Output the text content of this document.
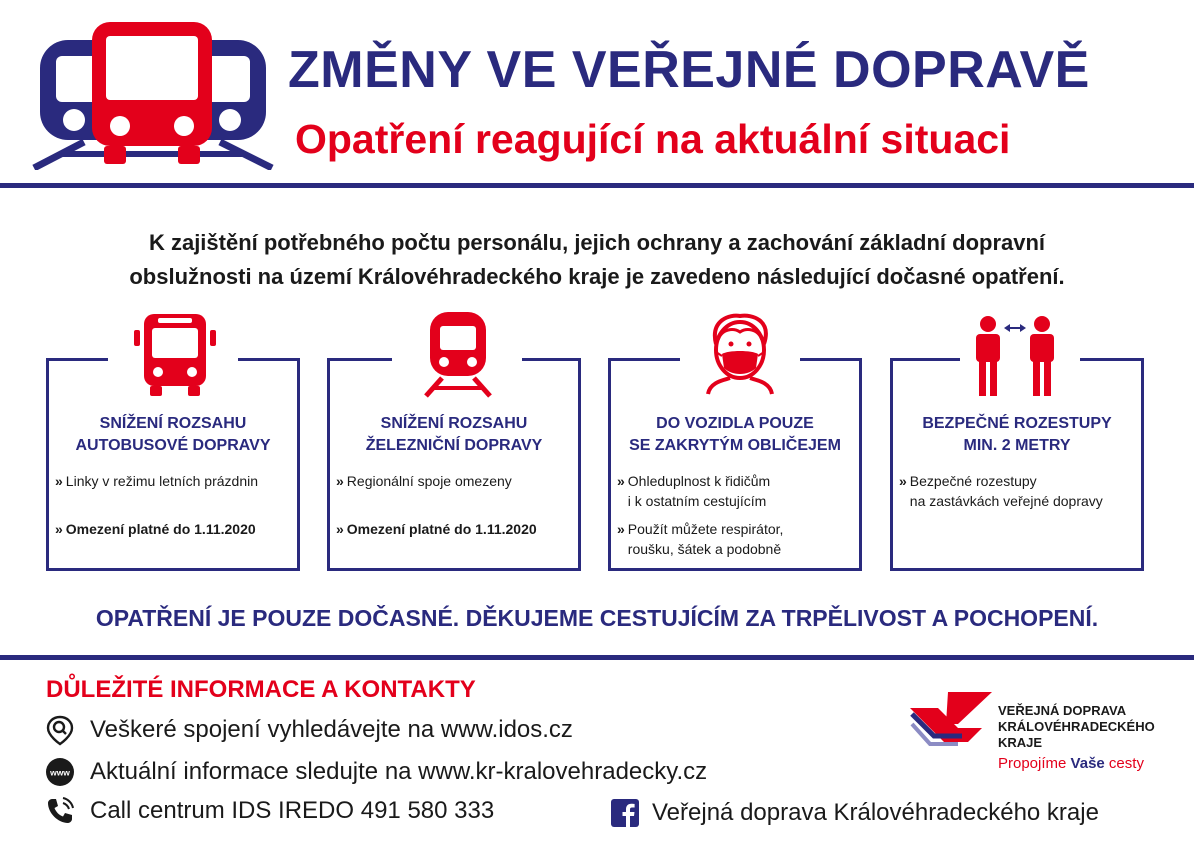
ZMĚNY VE VEŘEJNÉ DOPRAVĚ
Opatření reagující na aktuální situaci
K zajištění potřebného počtu personálu, jejich ochrany a zachování základní dopravní
obslužnosti na území Královéhradeckého kraje je zavedeno následující dočasné opatření.
SNÍŽENÍ ROZSAHU
AUTOBUSOVÉ DOPRAVY
» Linky v režimu letních prázdnin
» Omezení platné do 1.11.2020
SNÍŽENÍ ROZSAHU
ŽELEZNIČNÍ DOPRAVY
» Regionální spoje omezeny
» Omezení platné do 1.11.2020
DO VOZIDLA POUZE
SE ZAKRYTÝM OBLIČEJEM
» Ohleduplnost k řidičům
i k ostatním cestujícím
» Použít můžete respirátor,
roušku, šátek a podobně
BEZPEČNÉ ROZESTUPY
MIN. 2 METRY
» Bezpečné rozestupy
na zastávkách veřejné dopravy
OPATŘENÍ JE POUZE DOČASNÉ. DĚKUJEME CESTUJÍCÍM ZA TRPĚLIVOST A POCHOPENÍ.
DŮLEŽITÉ INFORMACE A KONTAKTY
Veškeré spojení vyhledávejte na www.idos.cz
www Aktuální informace sledujte na www.kr-kralovehradecky.cz
Call centrum IDS IREDO 491 580 333	Veřejná doprava Královéhradeckého kraje
VEŘEJNÁ DOPRAVA
KRÁLOVÉHRADECKÉHO
KRAJE
Propojíme Vaše cesty
